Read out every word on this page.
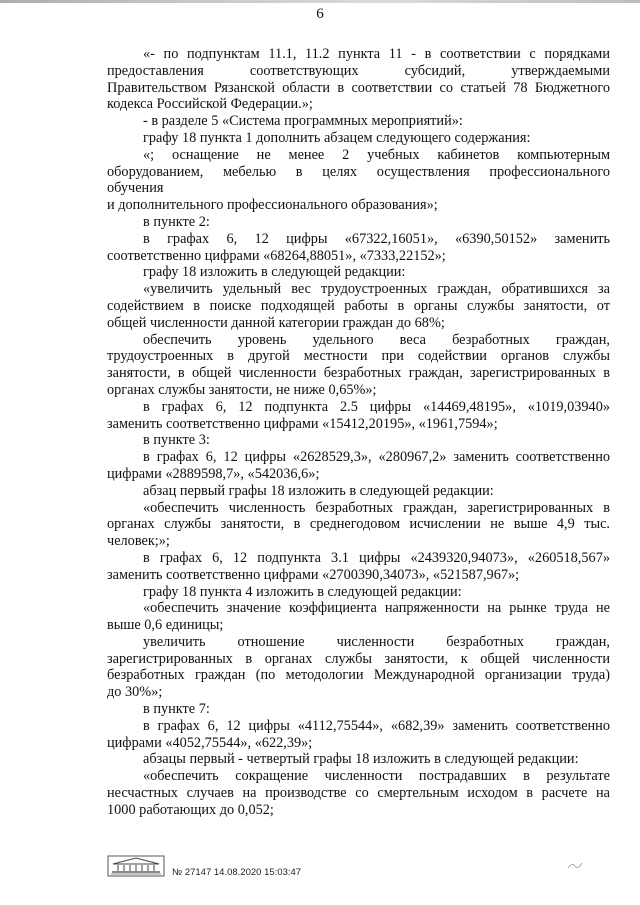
6
«- по подпунктам 11.1, 11.2 пункта 11 - в соответствии с порядками
предоставления соответствующих субсидий, утверждаемыми
Правительством Рязанской области в соответствии со статьей 78 Бюджетного
кодекса Российской Федерации.»;
- в разделе 5 «Система программных мероприятий»:
графу 18 пункта 1 дополнить абзацем следующего содержания:
«; оснащение не менее 2 учебных кабинетов компьютерным
оборудованием, мебелью в целях осуществления профессионального
обучения
и дополнительного профессионального образования»;
в пункте 2:
в графах 6, 12 цифры «67322,16051», «6390,50152» заменить
соответственно цифрами «68264,88051», «7333,22152»;
графу 18 изложить в следующей редакции:
«увеличить удельный вес трудоустроенных граждан, обратившихся за
содействием в поиске подходящей работы в органы службы занятости, от
общей численности данной категории граждан до 68%;
обеспечить уровень удельного веса безработных граждан,
трудоустроенных в другой местности при содействии органов службы
занятости, в общей численности безработных граждан, зарегистрированных в
органах службы занятости, не ниже 0,65%»;
в графах 6, 12 подпункта 2.5 цифры «14469,48195», «1019,03940»
заменить соответственно цифрами «15412,20195», «1961,7594»;
в пункте 3:
в графах 6, 12 цифры «2628529,3», «280967,2» заменить соответственно
цифрами «2889598,7», «542036,6»;
абзац первый графы 18 изложить в следующей редакции:
«обеспечить численность безработных граждан, зарегистрированных в
органах службы занятости, в среднегодовом исчислении не выше 4,9 тыс.
человек;»;
в графах 6, 12 подпункта 3.1 цифры «2439320,94073», «260518,567»
заменить соответственно цифрами «2700390,34073», «521587,967»;
графу 18 пункта 4 изложить в следующей редакции:
«обеспечить значение коэффициента напряженности на рынке труда не
выше 0,6 единицы;
увеличить отношение численности безработных граждан,
зарегистрированных в органах службы занятости, к общей численности
безработных граждан (по методологии Международной организации труда)
до 30%»;
в пункте 7:
в графах 6, 12 цифры «4112,75544», «682,39» заменить соответственно
цифрами «4052,75544», «622,39»;
абзацы первый - четвертый графы 18 изложить в следующей редакции:
«обеспечить сокращение численности пострадавших в результате
несчастных случаев на производстве со смертельным исходом в расчете на
1000 работающих до 0,052;
№ 27147 14.08.2020 15:03:47
